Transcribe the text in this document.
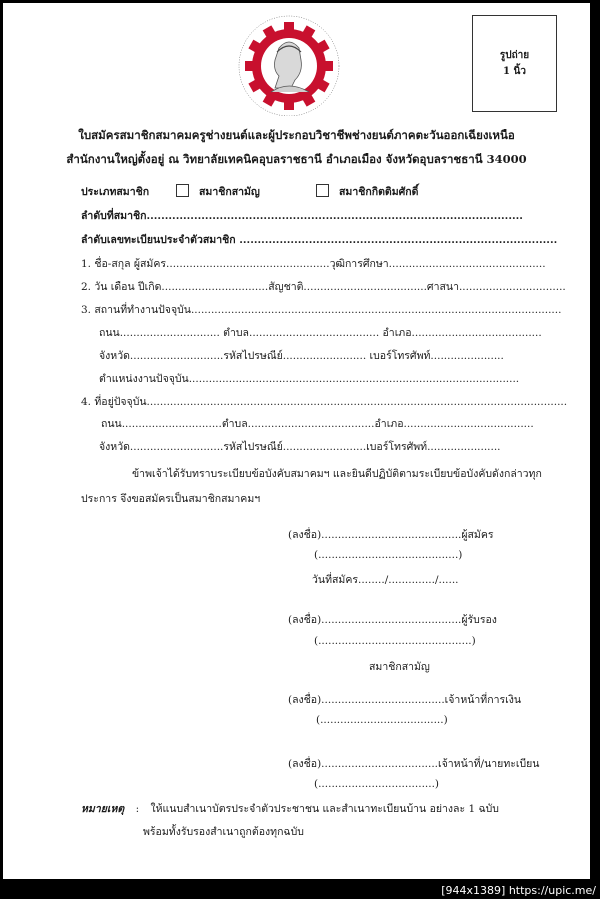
รูปถ่าย
1 นิ้ว
ใบสมัครสมาชิกสมาคมครูช่างยนต์และผู้ประกอบวิชาชีพช่างยนต์ภาคตะวันออกเฉียงเหนือ
สำนักงานใหญ่ตั้งอยู่ ณ วิทยาลัยเทคนิคอุบลราชธานี อำเภอเมือง จังหวัดอุบลราชธานี 34000
ประเภทสมาชิก	สมาชิกสามัญ	สมาชิกกิตติมศักดิ์
ลำดับที่สมาชิก.......................................................................................................
ลำดับเลขทะเบียนประจำตัวสมาชิก .......................................................................................
1. ชื่อ-สกุล ผู้สมัคร.................................................วุฒิการศึกษา...............................................
2. วัน เดือน ปีเกิด................................สัญชาติ.....................................ศาสนา................................
3. สถานที่ทำงานปัจจุบัน...............................................................................................................
ถนน.............................. ตำบล....................................... อำเภอ.......................................
จังหวัด............................รหัสไปรษณีย์......................... เบอร์โทรศัพท์......................
ตำแหน่งงานปัจจุบัน...................................................................................................
4. ที่อยู่ปัจจุบัน..............................................................................................................................
ถนน..............................ตำบล......................................อำเภอ.......................................
จังหวัด............................รหัสไปรษณีย์.........................เบอร์โทรศัพท์......................
ข้าพเจ้าได้รับทราบระเบียบข้อบังคับสมาคมฯ และยินดีปฏิบัติตามระเบียบข้อบังคับดังกล่าวทุก
ประการ จึงขอสมัครเป็นสมาชิกสมาคมฯ
(ลงชื่อ)..........................................ผู้สมัคร
(..........................................)
วันที่สมัคร......../............../......
(ลงชื่อ)..........................................ผู้รับรอง
(..............................................)
สมาชิกสามัญ
(ลงชื่อ).....................................เจ้าหน้าที่การเงิน
(.....................................)
(ลงชื่อ)...................................เจ้าหน้าที่/นายทะเบียน
(...................................)
หมายเหตุ : ให้แนบสำเนาบัตรประจำตัวประชาชน และสำเนาทะเบียนบ้าน อย่างละ 1 ฉบับ
พร้อมทั้งรับรองสำเนาถูกต้องทุกฉบับ
[944x1389] https://upic.me/
